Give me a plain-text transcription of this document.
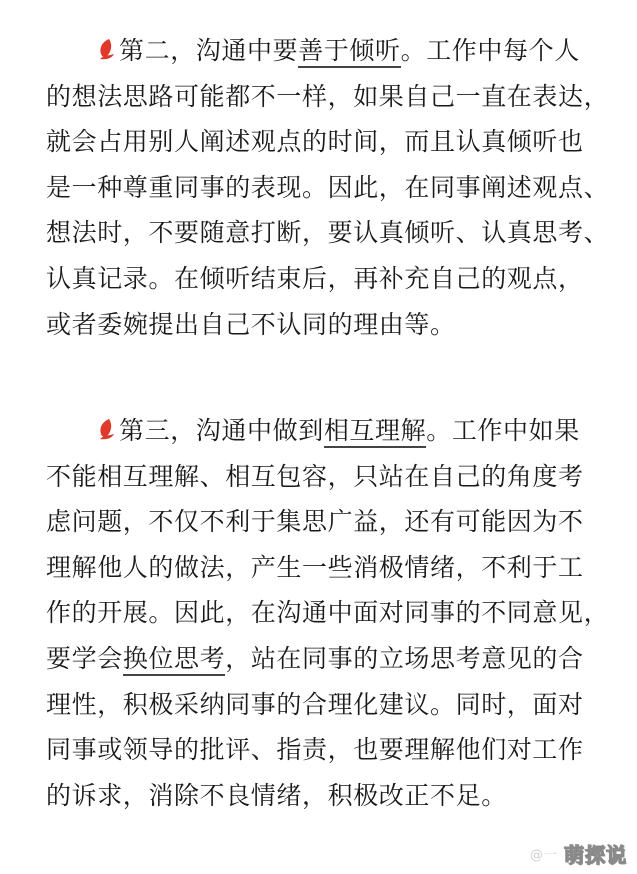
第二，沟通中要善于倾听。工作中每个人
的想法思路可能都不一样，如果自己一直在表达，
就会占用别人阐述观点的时间，而且认真倾听也
是一种尊重同事的表现。因此，在同事阐述观点、
想法时，不要随意打断，要认真倾听、认真思考、
认真记录。在倾听结束后，再补充自己的观点，
或者委婉提出自己不认同的理由等。
第三，沟通中做到相互理解。工作中如果
不能相互理解、相互包容，只站在自己的角度考
虑问题，不仅不利于集思广益，还有可能因为不
理解他人的做法，产生一些消极情绪，不利于工
作的开展。因此，在沟通中面对同事的不同意见，
要学会换位思考，站在同事的立场思考意见的合
理性，积极采纳同事的合理化建议。同时，面对
同事或领导的批评、指责，也要理解他们对工作
的诉求，消除不良情绪，积极改正不足。
@一 萌探说
